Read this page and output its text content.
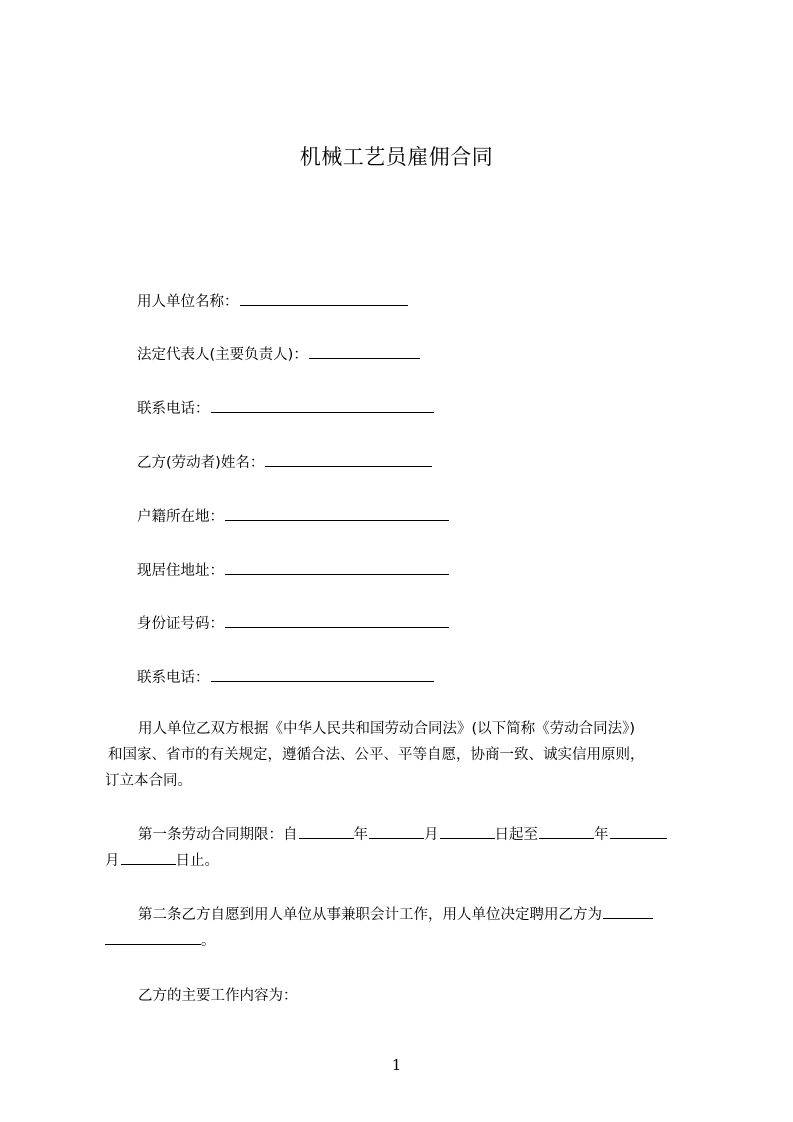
机械工艺员雇佣合同
用人单位名称：
法定代表人(主要负责人)：
联系电话：
乙方(劳动者)姓名：
户籍所在地：
现居住地址：
身份证号码：
联系电话：
用人单位乙双方根据《中华人民共和国劳动合同法》(以下简称《劳动合同法》)
和国家、省市的有关规定，遵循合法、公平、平等自愿，协商一致、诚实信用原则，
订立本合同。
第一条劳动合同期限：自	年	月	日起至	年
月	日止。
第二条乙方自愿到用人单位从事兼职会计工作，用人单位决定聘用乙方为
。
乙方的主要工作内容为：
1
